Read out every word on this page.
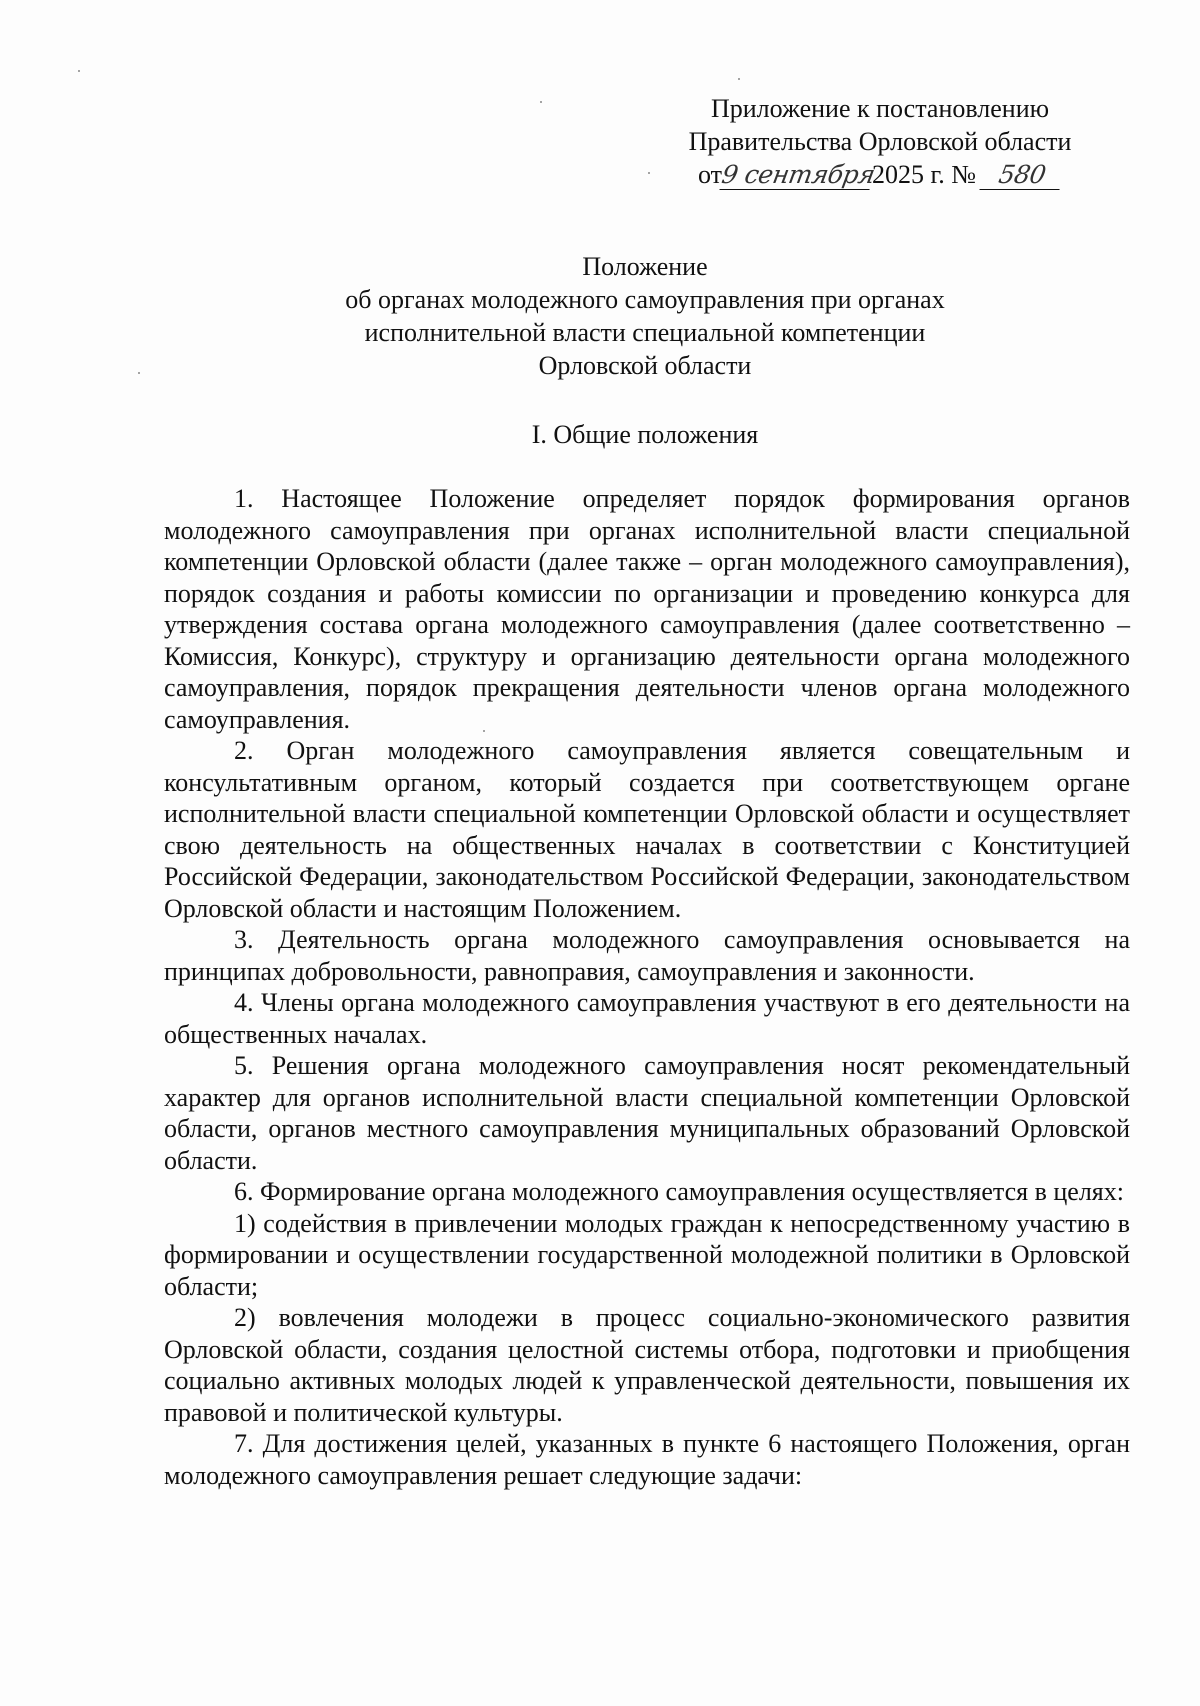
Приложение к постановлению
Правительства Орловской области
от9 сентября2025 г. № 580
Положение
об органах молодежного самоуправления при органах
исполнительной власти специальной компетенции
Орловской области
I. Общие положения

1. Настоящее Положение определяет порядок формирования органов молодежного самоуправления при органах исполнительной власти специальной компетенции Орловской области (далее также – орган молодежного самоуправления), порядок создания и работы комиссии по организации и проведению конкурса для утверждения состава органа молодежного самоуправления (далее соответственно – Комиссия, Конкурс), структуру и организацию деятельности органа молодежного самоуправления, порядок прекращения деятельности членов органа молодежного самоуправления.

2. Орган молодежного самоуправления является совещательным и консультативным органом, который создается при соответствующем органе исполнительной власти специальной компетенции Орловской области и осуществляет свою деятельность на общественных началах в соответствии с Конституцией Российской Федерации, законодательством Российской Федерации, законодательством Орловской области и настоящим Положением.

3. Деятельность органа молодежного самоуправления основывается на принципах добровольности, равноправия, самоуправления и законности.

4. Члены органа молодежного самоуправления участвуют в его деятельности на общественных началах.

5. Решения органа молодежного самоуправления носят рекомендательный характер для органов исполнительной власти специальной компетенции Орловской области, органов местного самоуправления муниципальных образований Орловской области.

6. Формирование органа молодежного самоуправления осуществляется в целях:

1) содействия в привлечении молодых граждан к непосредственному участию в формировании и осуществлении государственной молодежной политики в Орловской области;

2) вовлечения молодежи в процесс социально-экономического развития Орловской области, создания целостной системы отбора, подготовки и приобщения социально активных молодых людей к управленческой деятельности, повышения их правовой и политической культуры.

7. Для достижения целей, указанных в пункте 6 настоящего Положения, орган молодежного самоуправления решает следующие задачи:
